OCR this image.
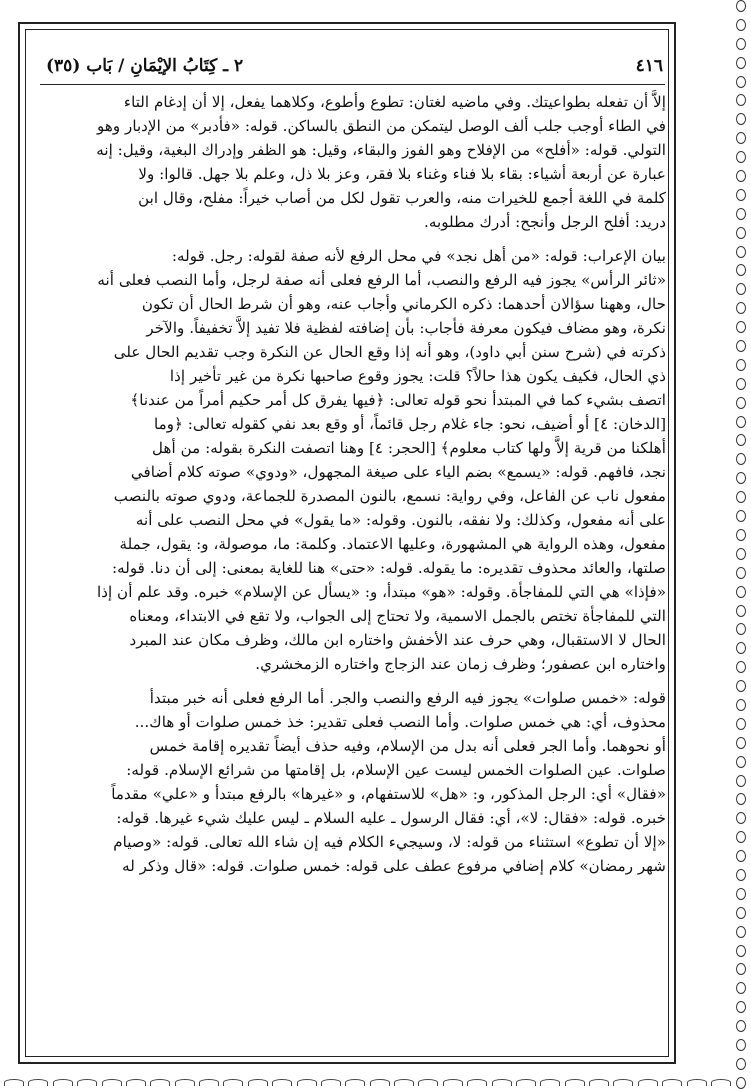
٤١٦
٢ ـ كِتَابُ الإيْمَانِ / بَاب (٣٥)

إلاَّ أن تفعله بطواعيتك. وفي ماضيه لغتان: تطوع وأطوع، وكلاهما يفعل، إلا أن إدغام التاء

في الطاء أوجب جلب ألف الوصل ليتمكن من النطق بالساكن. قوله: «فأدبر» من الإدبار وهو

التولي. قوله: «أفلح» من الإفلاح وهو الفوز والبقاء، وقيل: هو الظفر وإدراك البغية، وقيل: إنه

عبارة عن أربعة أشياء: بقاء بلا فناء وغناء بلا فقر، وعز بلا ذل، وعلم بلا جهل. قالوا: ولا

كلمة في اللغة أجمع للخيرات منه، والعرب تقول لكل من أصاب خيراً: مفلح، وقال ابن

دريد: أفلح الرجل وأنجح: أدرك مطلوبه.

بيان الإعراب: قوله: «من أهل نجد» في محل الرفع لأنه صفة لقوله: رجل. قوله:

«ثائر الرأس» يجوز فيه الرفع والنصب، أما الرفع فعلى أنه صفة لرجل، وأما النصب فعلى أنه

حال، وههنا سؤالان أحدهما: ذكره الكرماني وأجاب عنه، وهو أن شرط الحال أن تكون

نكرة، وهو مضاف فيكون معرفة فأجاب: بأن إضافته لفظية فلا تفيد إلاَّ تخفيفاً. والآخر

ذكرته في (شرح سنن أبي داود)، وهو أنه إذا وقع الحال عن النكرة وجب تقديم الحال على

ذي الحال، فكيف يكون هذا حالاً؟ قلت: يجوز وقوع صاحبها نكرة من غير تأخير إذا

اتصف بشيء كما في المبتدأ نحو قوله تعالى: ﴿فيها يفرق كل أمر حكيم أمراً من عندنا﴾

[الدخان: ٤] أو أضيف، نحو: جاء غلام رجل قائماً، أو وقع بعد نفي كقوله تعالى: ﴿وما

أهلكنا من قرية إلاَّ ولها كتاب معلوم﴾ [الحجر: ٤] وهنا اتصفت النكرة بقوله: من أهل

نجد، فافهم. قوله: «يسمع» بضم الياء على صيغة المجهول، «ودوي» صوته كلام أضافي

مفعول ناب عن الفاعل، وفي رواية: نسمع، بالنون المصدرة للجماعة، ودوي صوته بالنصب

على أنه مفعول، وكذلك: ولا نفقه، بالنون. وقوله: «ما يقول» في محل النصب على أنه

مفعول، وهذه الرواية هي المشهورة، وعليها الاعتماد. وكلمة: ما، موصولة، و: يقول، جملة

صلتها، والعائد محذوف تقديره: ما يقوله. قوله: «حتى» هنا للغاية بمعنى: إلى أن دنا. قوله:

«فإذا» هي التي للمفاجأة. وقوله: «هو» مبتدأ، و: «يسأل عن الإسلام» خبره. وقد علم أن إذا

التي للمفاجأة تختص بالجمل الاسمية، ولا تحتاج إلى الجواب، ولا تقع في الابتداء، ومعناه

الحال لا الاستقبال، وهي حرف عند الأخفش واختاره ابن مالك، وظرف مكان عند المبرد

واختاره ابن عصفور؛ وظرف زمان عند الزجاج واختاره الزمخشري.

قوله: «خمس صلوات» يجوز فيه الرفع والنصب والجر. أما الرفع فعلى أنه خبر مبتدأ

محذوف، أي: هي خمس صلوات. وأما النصب فعلى تقدير: خذ خمس صلوات أو هاك...

أو نحوهما. وأما الجر فعلى أنه بدل من الإسلام، وفيه حذف أيضاً تقديره إقامة خمس

صلوات. عين الصلوات الخمس ليست عين الإسلام، بل إقامتها من شرائع الإسلام. قوله:

«فقال» أي: الرجل المذكور، و: «هل» للاستفهام، و «غيرها» بالرفع مبتدأ و «علي» مقدماً

خبره. قوله: «فقال: لا»، أي: فقال الرسول ـ عليه السلام ـ ليس عليك شيء غيرها. قوله:

«إلا أن تطوع» استثناء من قوله: لا، وسيجيء الكلام فيه إن شاء الله تعالى. قوله: «وصيام

شهر رمضان» كلام إضافي مرفوع عطف على قوله: خمس صلوات. قوله: «قال وذكر له
